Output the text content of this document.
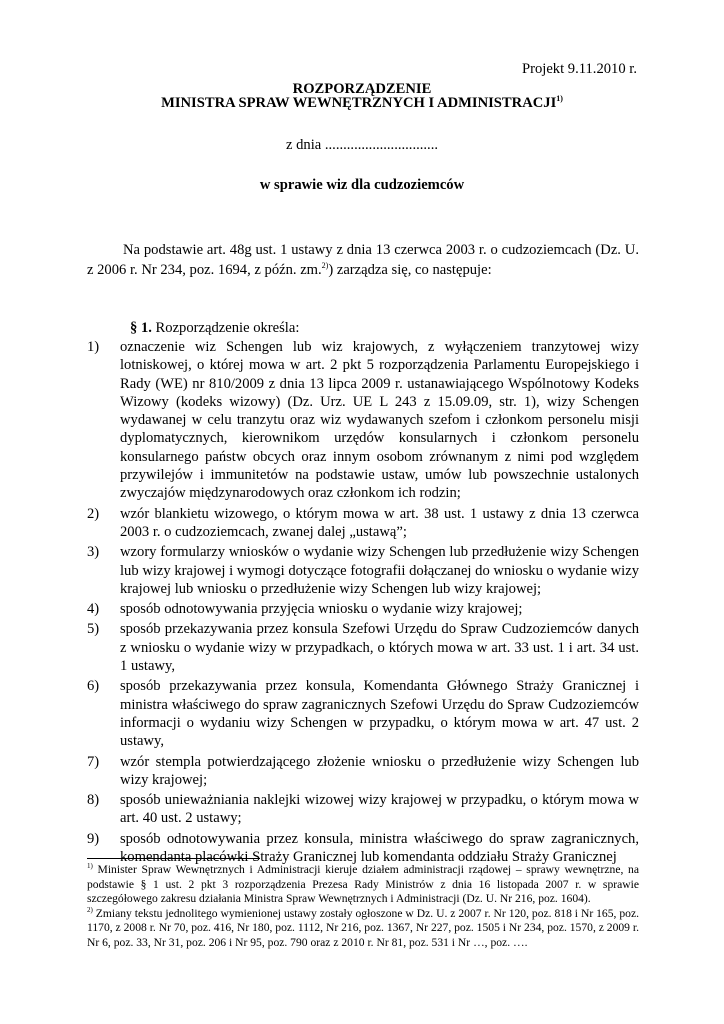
Projekt 9.11.2010 r.
ROZPORZĄDZENIE
MINISTRA SPRAW WEWNĘTRZNYCH I ADMINISTRACJI$^{1)}$
z dnia ...............................
w sprawie wiz dla cudzoziemców
Na podstawie art. 48g ust. 1 ustawy z dnia 13 czerwca 2003 r. o cudzoziemcach (Dz. U. z 2006 r. Nr 234, poz. 1694, z późn. zm.$^{2)}$) zarządza się, co następuje:
§ 1. Rozporządzenie określa:
1) oznaczenie wiz Schengen lub wiz krajowych, z wyłączeniem tranzytowej wizy lotniskowej, o której mowa w art. 2 pkt 5 rozporządzenia Parlamentu Europejskiego i Rady (WE) nr 810/2009 z dnia 13 lipca 2009 r. ustanawiającego Wspólnotowy Kodeks Wizowy (kodeks wizowy) (Dz. Urz. UE L 243 z 15.09.09, str. 1), wizy Schengen wydawanej w celu tranzytu oraz wiz wydawanych szefom i członkom personelu misji dyplomatycznych, kierownikom urzędów konsularnych i członkom personelu konsularnego państw obcych oraz innym osobom zrównanym z nimi pod względem przywilejów i immunitetów na podstawie ustaw, umów lub powszechnie ustalonych zwyczajów międzynarodowych oraz członkom ich rodzin;
2) wzór blankietu wizowego, o którym mowa w art. 38 ust. 1 ustawy z dnia 13 czerwca 2003 r. o cudzoziemcach, zwanej dalej „ustawą”;
3) wzory formularzy wniosków o wydanie wizy Schengen lub przedłużenie wizy Schengen lub wizy krajowej i wymogi dotyczące fotografii dołączanej do wniosku o wydanie wizy krajowej lub wniosku o przedłużenie wizy Schengen lub wizy krajowej;
4) sposób odnotowywania przyjęcia wniosku o wydanie wizy krajowej;
5) sposób przekazywania przez konsula Szefowi Urzędu do Spraw Cudzoziemców danych z wniosku o wydanie wizy w przypadkach, o których mowa w art. 33 ust. 1 i art. 34 ust. 1 ustawy,
6) sposób przekazywania przez konsula, Komendanta Głównego Straży Granicznej i ministra właściwego do spraw zagranicznych Szefowi Urzędu do Spraw Cudzoziemców informacji o wydaniu wizy Schengen w przypadku, o którym mowa w art. 47 ust. 2 ustawy,
7) wzór stempla potwierdzającego złożenie wniosku o przedłużenie wizy Schengen lub wizy krajowej;
8) sposób unieważniania naklejki wizowej wizy krajowej w przypadku, o którym mowa w art. 40 ust. 2 ustawy;
9) sposób odnotowywania przez konsula, ministra właściwego do spraw zagranicznych, komendanta placówki Straży Granicznej lub komendanta oddziału Straży Granicznej

$^{1)}$ Minister Spraw Wewnętrznych i Administracji kieruje działem administracji rządowej – sprawy wewnętrzne, na podstawie § 1 ust. 2 pkt 3 rozporządzenia Prezesa Rady Ministrów z dnia 16 listopada 2007 r. w sprawie szczegółowego zakresu działania Ministra Spraw Wewnętrznych i Administracji (Dz. U. Nr 216, poz. 1604).

$^{2)}$ Zmiany tekstu jednolitego wymienionej ustawy zostały ogłoszone w Dz. U. z 2007 r. Nr 120, poz. 818 i Nr 165, poz. 1170, z 2008 r. Nr 70, poz. 416, Nr 180, poz. 1112, Nr 216, poz. 1367, Nr 227, poz. 1505 i Nr 234, poz. 1570, z 2009 r. Nr 6, poz. 33, Nr 31, poz. 206 i Nr 95, poz. 790 oraz z 2010 r. Nr 81, poz. 531 i Nr …, poz. ….
